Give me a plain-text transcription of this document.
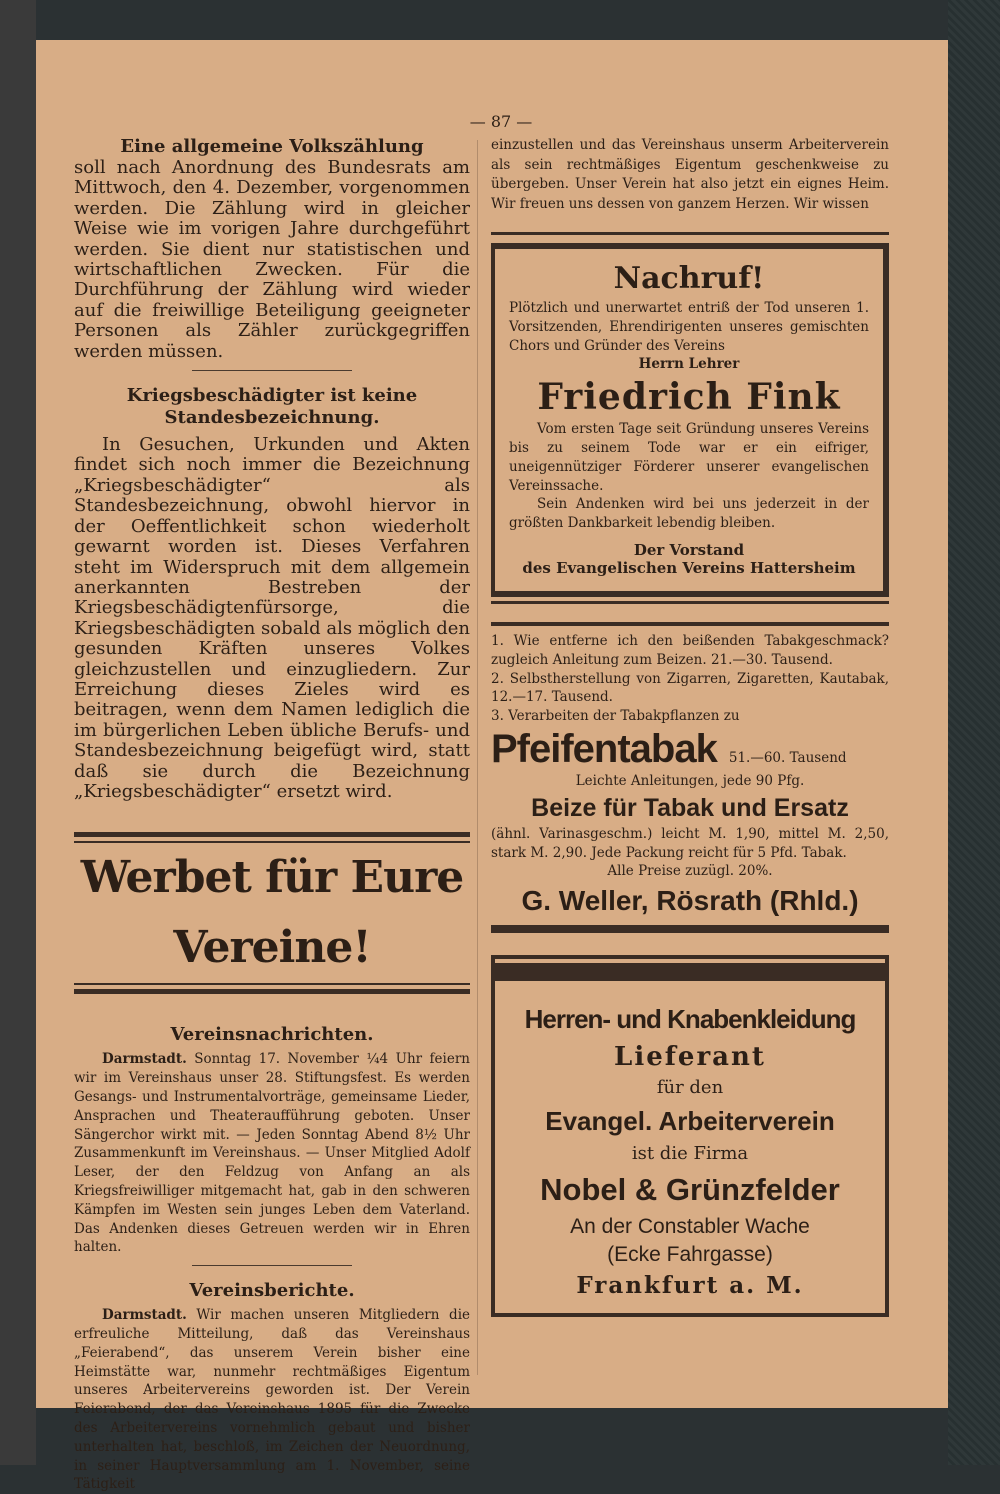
— 87 —
Eine allgemeine Volkszählung

soll nach Anordnung des Bundesrats am Mittwoch, den 4. Dezember, vorgenommen werden. Die Zählung wird in gleicher Weise wie im vorigen Jahre durchgeführt werden. Sie dient nur statistischen und wirtschaftlichen Zwecken. Für die Durchführung der Zählung wird wieder auf die freiwillige Beteiligung geeigneter Personen als Zähler zurückgegriffen werden müssen.

Kriegsbeschädigter ist keine
Standesbezeichnung.

In Gesuchen, Urkunden und Akten findet sich noch immer die Bezeichnung „Kriegsbeschädigter“ als Standesbezeichnung, obwohl hiervor in der Oeffentlichkeit schon wiederholt gewarnt worden ist. Dieses Verfahren steht im Widerspruch mit dem allgemein anerkannten Bestreben der Kriegsbeschädigtenfürsorge, die Kriegsbeschädigten sobald als möglich den gesunden Kräften unseres Volkes gleichzustellen und einzugliedern. Zur Erreichung dieses Zieles wird es beitragen, wenn dem Namen lediglich die im bürgerlichen Leben übliche Berufs- und Standesbezeichnung beigefügt wird, statt daß sie durch die Bezeichnung „Kriegsbeschädigter“ ersetzt wird.

Werbet für Eure Vereine!
Vereinsnachrichten.

Darmstadt. Sonntag 17. November ¼4 Uhr feiern wir im Vereinshaus unser 28. Stiftungsfest. Es werden Gesangs- und Instrumentalvorträge, gemeinsame Lieder, Ansprachen und Theateraufführung geboten. Unser Sängerchor wirkt mit. — Jeden Sonntag Abend 8½ Uhr Zusammenkunft im Vereinshaus. — Unser Mitglied Adolf Leser, der den Feldzug von Anfang an als Kriegsfreiwilliger mitgemacht hat, gab in den schweren Kämpfen im Westen sein junges Leben dem Vaterland. Das Andenken dieses Getreuen werden wir in Ehren halten.

Vereinsberichte.

Darmstadt. Wir machen unseren Mitgliedern die erfreuliche Mitteilung, daß das Vereinshaus „Feierabend“, das unserem Verein bisher eine Heimstätte war, nunmehr rechtmäßiges Eigentum unseres Arbeitervereins geworden ist. Der Verein Feierabend, der das Vereinshaus 1895 für die Zwecke des Arbeitervereins vornehmlich gebaut und bisher unterhalten hat, beschloß, im Zeichen der Neuordnung, in seiner Hauptversammlung am 1. November, seine Tätigkeit

einzustellen und das Vereinshaus unserm Arbeiterverein als sein rechtmäßiges Eigentum geschenkweise zu übergeben. Unser Verein hat also jetzt ein eignes Heim. Wir freuen uns dessen von ganzem Herzen. Wir wissen

Nachruf!

Plötzlich und unerwartet entriß der Tod unseren 1. Vorsitzenden, Ehrendirigenten unseres gemischten Chors und Gründer des Vereins

Herrn Lehrer
Friedrich Fink

Vom ersten Tage seit Gründung unseres Vereins bis zu seinem Tode war er ein eifriger, uneigennütziger Förderer unserer evangelischen Vereinssache.

Sein Andenken wird bei uns jederzeit in der größten Dankbarkeit lebendig bleiben.

Der Vorstand
des Evangelischen Vereins Hattersheim

1. Wie entferne ich den beißenden Tabakgeschmack? zugleich Anleitung zum Beizen. 21.—30. Tausend.

2. Selbstherstellung von Zigarren, Zigaretten, Kautabak, 12.—17. Tausend.

3. Verarbeiten der Tabakpflanzen zu

Pfeifentabak 51.—60. Tausend
Leichte Anleitungen, jede 90 Pfg.
Beize für Tabak und Ersatz

(ähnl. Varinasgeschm.) leicht M. 1,90, mittel M. 2,50, stark M. 2,90. Jede Packung reicht für 5 Pfd. Tabak.

Alle Preise zuzügl. 20%.
G. Weller, Rösrath (Rhld.)
Herren- und Knabenkleidung
Lieferant
für den
Evangel. Arbeiterverein
ist die Firma
Nobel & Grünzfelder
An der Constabler Wache
(Ecke Fahrgasse)
Frankfurt a. M.
